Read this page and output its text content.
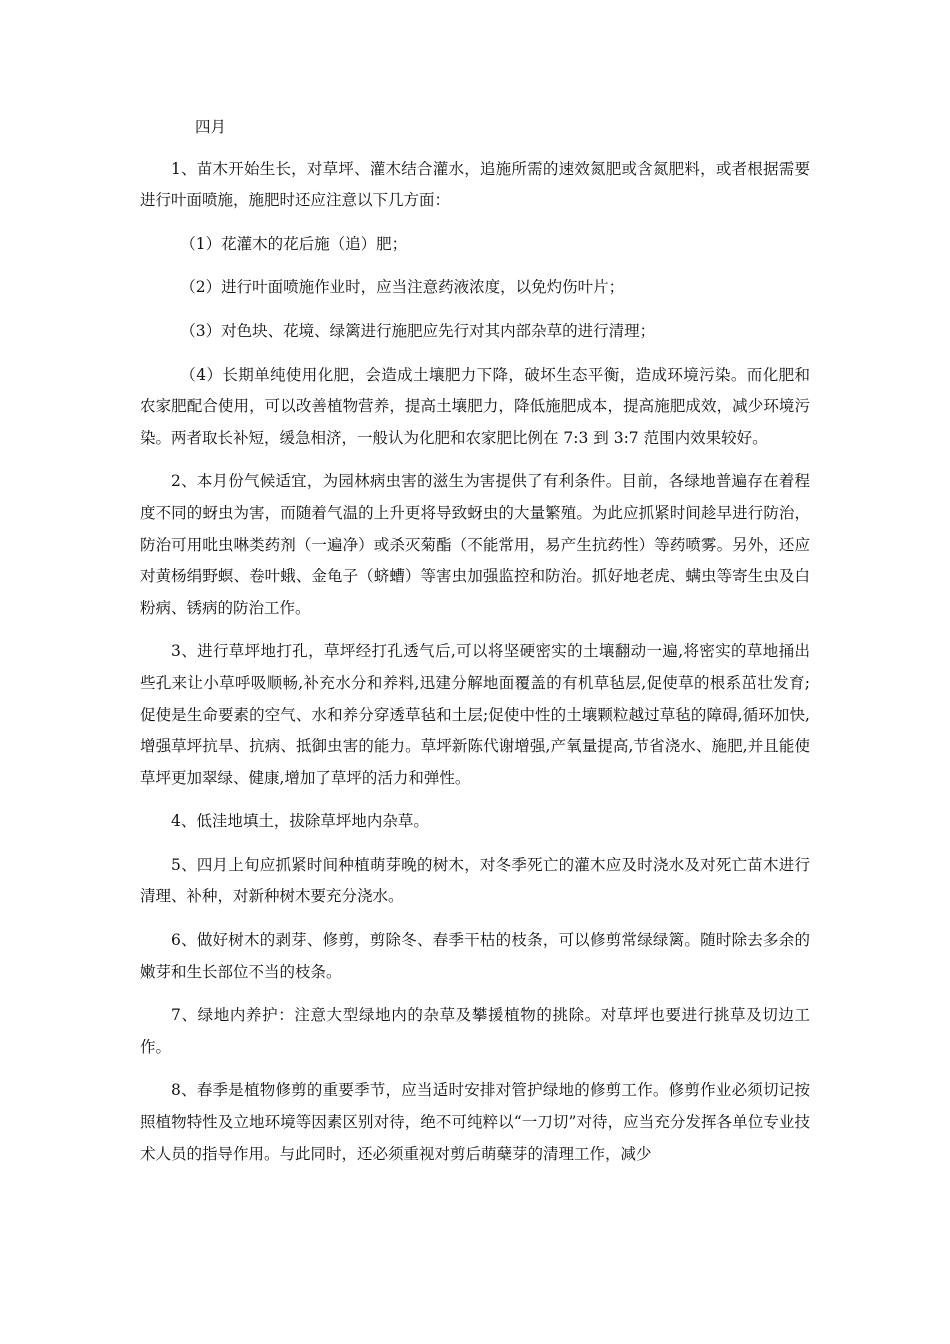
四月

1、苗木开始生长，对草坪、灌木结合灌水，追施所需的速效氮肥或含氮肥料，或者根据需要进行叶面喷施，施肥时还应注意以下几方面：

（1）花灌木的花后施（追）肥；

（2）进行叶面喷施作业时，应当注意药液浓度，以免灼伤叶片；

（3）对色块、花境、绿篱进行施肥应先行对其内部杂草的进行清理；

（4）长期单纯使用化肥，会造成土壤肥力下降，破坏生态平衡，造成环境污染。而化肥和农家肥配合使用，可以改善植物营养，提高土壤肥力，降低施肥成本，提高施肥成效，减少环境污染。两者取长补短，缓急相济，一般认为化肥和农家肥比例在 7:3 到 3:7 范围内效果较好。

2、本月份气候适宜，为园林病虫害的滋生为害提供了有利条件。目前，各绿地普遍存在着程度不同的蚜虫为害，而随着气温的上升更将导致蚜虫的大量繁殖。为此应抓紧时间趁早进行防治，防治可用吡虫啉类药剂（一遍净）或杀灭菊酯（不能常用，易产生抗药性）等药喷雾。另外，还应对黄杨绢野螟、卷叶蛾、金龟子（蛴螬）等害虫加强监控和防治。抓好地老虎、螨虫等寄生虫及白粉病、锈病的防治工作。

3、进行草坪地打孔，草坪经打孔透气后,可以将坚硬密实的土壤翻动一遍,将密实的草地捅出些孔来让小草呼吸顺畅,补充水分和养料,迅建分解地面覆盖的有机草毡层,促使草的根系茁壮发育;促使是生命要素的空气、水和养分穿透草毡和土层;促使中性的土壤颗粒越过草毡的障碍,循环加快,增强草坪抗旱、抗病、抵御虫害的能力。草坪新陈代谢增强,产氧量提高,节省浇水、施肥,并且能使草坪更加翠绿、健康,增加了草坪的活力和弹性。

4、低洼地填土，拔除草坪地内杂草。

5、四月上旬应抓紧时间种植萌芽晚的树木，对冬季死亡的灌木应及时浇水及对死亡苗木进行清理、补种，对新种树木要充分浇水。

6、做好树木的剥芽、修剪，剪除冬、春季干枯的枝条，可以修剪常绿绿篱。随时除去多余的嫩芽和生长部位不当的枝条。

7、绿地内养护：注意大型绿地内的杂草及攀援植物的挑除。对草坪也要进行挑草及切边工作。

8、春季是植物修剪的重要季节，应当适时安排对管护绿地的修剪工作。修剪作业必须切记按照植物特性及立地环境等因素区别对待，绝不可纯粹以“一刀切”对待，应当充分发挥各单位专业技术人员的指导作用。与此同时，还必须重视对剪后萌蘖芽的清理工作，减少
